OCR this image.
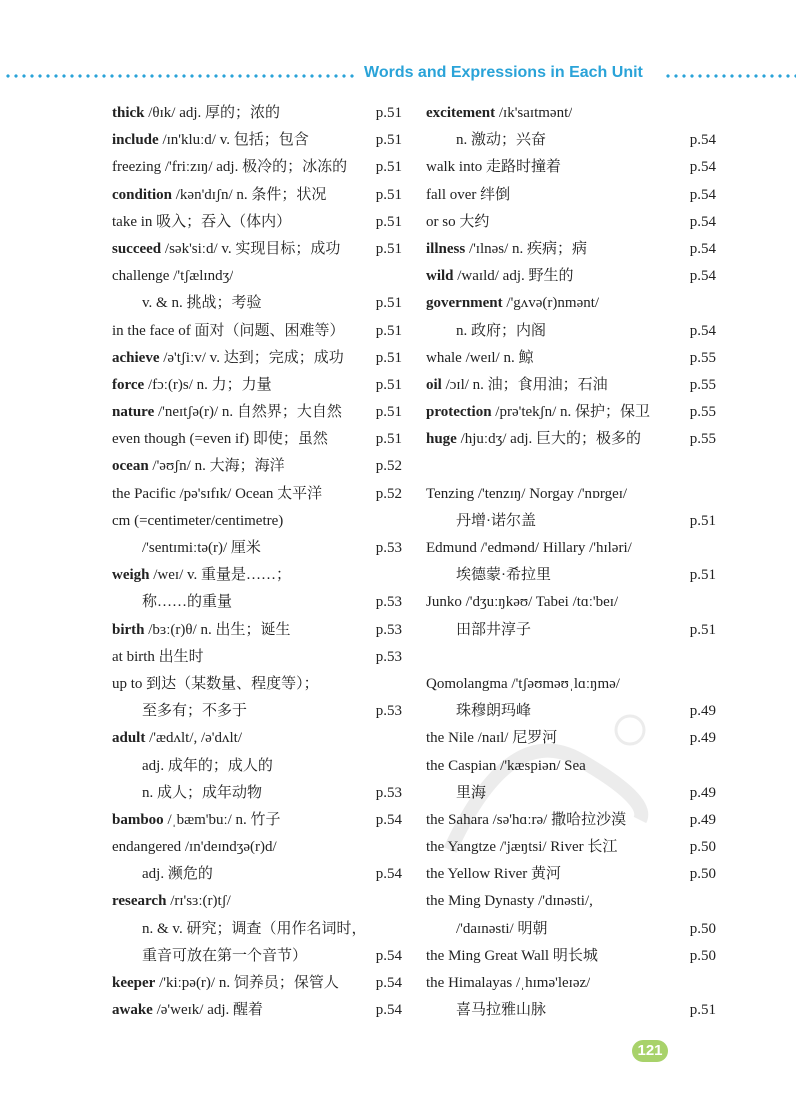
Words and Expressions in Each Unit
thick /θɪk/ adj. 厚的；浓的	p.51
include /ɪn'kluːd/ v. 包括；包含	p.51
freezing /'friːzɪŋ/ adj. 极冷的；冰冻的 p.51
condition /kən'dɪʃn/ n. 条件；状况	p.51
take in 吸入；吞入（体内）	p.51
succeed /sək'siːd/ v. 实现目标；成功 p.51
challenge /'tʃælɪndʒ/
v. & n. 挑战；考验	p.51
in the face of 面对（问题、困难等） p.51
achieve /ə'tʃiːv/ v. 达到；完成；成功 p.51
force /fɔː(r)s/ n. 力；力量	p.51
nature /'neɪtʃə(r)/ n. 自然界；大自然 p.51
even though (=even if) 即使；虽然	p.51
ocean /'əʊʃn/ n. 大海；海洋	p.52
the Pacific /pə'sɪfɪk/ Ocean 太平洋	p.52
cm (=centimeter/centimetre)
/'sentɪmiːtə(r)/ 厘米	p.53
weigh /weɪ/ v. 重量是……；
称……的重量	p.53
birth /bɜː(r)θ/ n. 出生；诞生	p.53
at birth 出生时	p.53
up to 到达（某数量、程度等）；
至多有；不多于	p.53
adult /'ædʌlt/, /ə'dʌlt/
adj. 成年的；成人的
n. 成人；成年动物	p.53
bamboo /ˌbæm'buː/ n. 竹子	p.54
endangered /ɪn'deɪndʒə(r)d/
adj. 濒危的	p.54
research /rɪ'sɜː(r)tʃ/
n. & v. 研究；调查（用作名词时，
重音可放在第一个音节）	p.54
keeper /'kiːpə(r)/ n. 饲养员；保管人 p.54
awake /ə'weɪk/ adj. 醒着	p.54
excitement /ɪk'saɪtmənt/
n. 激动；兴奋	p.54
walk into 走路时撞着	p.54
fall over 绊倒	p.54
or so 大约	p.54
illness /'ɪlnəs/ n. 疾病；病	p.54
wild /waɪld/ adj. 野生的	p.54
government /'gʌvə(r)nmənt/
n. 政府；内阁	p.54
whale /weɪl/ n. 鲸	p.55
oil /ɔɪl/ n. 油；食用油；石油	p.55
protection /prə'tekʃn/ n. 保护；保卫	p.55
huge /hjuːdʒ/ adj. 巨大的；极多的	p.55
Tenzing /'tenzɪŋ/ Norgay /'nɒrgeɪ/
丹增·诺尔盖	p.51
Edmund /'edmənd/ Hillary /'hɪləri/
埃德蒙·希拉里	p.51
Junko /'dʒuːŋkəʊ/ Tabei /tɑː'beɪ/
田部井淳子	p.51
Qomolangma /'tʃəʊməʊˌlɑːŋmə/
珠穆朗玛峰	p.49
the Nile /naɪl/ 尼罗河	p.49
the Caspian /'kæspiən/ Sea
里海	p.49
the Sahara /sə'hɑːrə/ 撒哈拉沙漠	p.49
the Yangtze /'jæŋtsi/ River 长江	p.50
the Yellow River 黄河	p.50
the Ming Dynasty /'dɪnəsti/,
/'daɪnəsti/ 明朝	p.50
the Ming Great Wall 明长城	p.50
the Himalayas /ˌhɪmə'leɪəz/
喜马拉雅山脉	p.51
121
